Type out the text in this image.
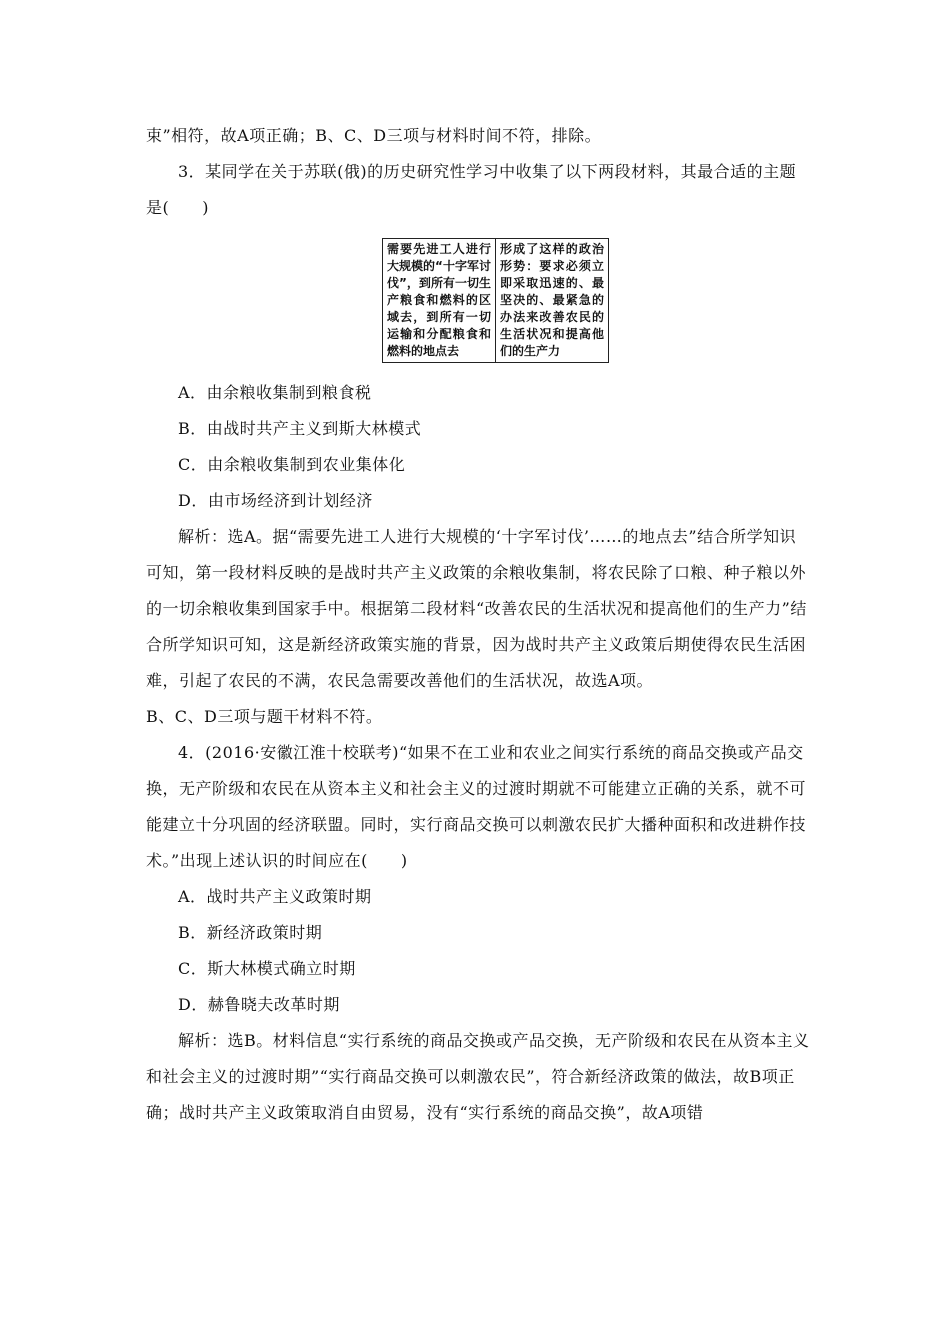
束”相符，故A项正确；B、C、D三项与材料时间不符，排除。

3．某同学在关于苏联(俄)的历史研究性学习中收集了以下两段材料，其最合适的主题是(　　)

需要先进工人进行大规模的“十字军讨伐”，到所有一切生产粮食和燃料的区域去，到所有一切运输和分配粮食和燃料的地点去	形成了这样的政治形势：要求必须立即采取迅速的、最坚决的、最紧急的办法来改善农民的生活状况和提高他们的生产力

A．由余粮收集制到粮食税

B．由战时共产主义到斯大林模式

C．由余粮收集制到农业集体化

D．由市场经济到计划经济

解析：选A。据“需要先进工人进行大规模的‘十字军讨伐’……的地点去”结合所学知识可知，第一段材料反映的是战时共产主义政策的余粮收集制，将农民除了口粮、种子粮以外的一切余粮收集到国家手中。根据第二段材料“改善农民的生活状况和提高他们的生产力”结合所学知识可知，这是新经济政策实施的背景，因为战时共产主义政策后期使得农民生活困难，引起了农民的不满，农民急需要改善他们的生活状况，故选A项。

B、C、D三项与题干材料不符。

4．(2016·安徽江淮十校联考)“如果不在工业和农业之间实行系统的商品交换或产品交换，无产阶级和农民在从资本主义和社会主义的过渡时期就不可能建立正确的关系，就不可能建立十分巩固的经济联盟。同时，实行商品交换可以刺激农民扩大播种面积和改进耕作技术。”出现上述认识的时间应在(　　)

A．战时共产主义政策时期

B．新经济政策时期

C．斯大林模式确立时期

D．赫鲁晓夫改革时期

解析：选B。材料信息“实行系统的商品交换或产品交换，无产阶级和农民在从资本主义和社会主义的过渡时期”“实行商品交换可以刺激农民”，符合新经济政策的做法，故B项正确；战时共产主义政策取消自由贸易，没有“实行系统的商品交换”，故A项错
